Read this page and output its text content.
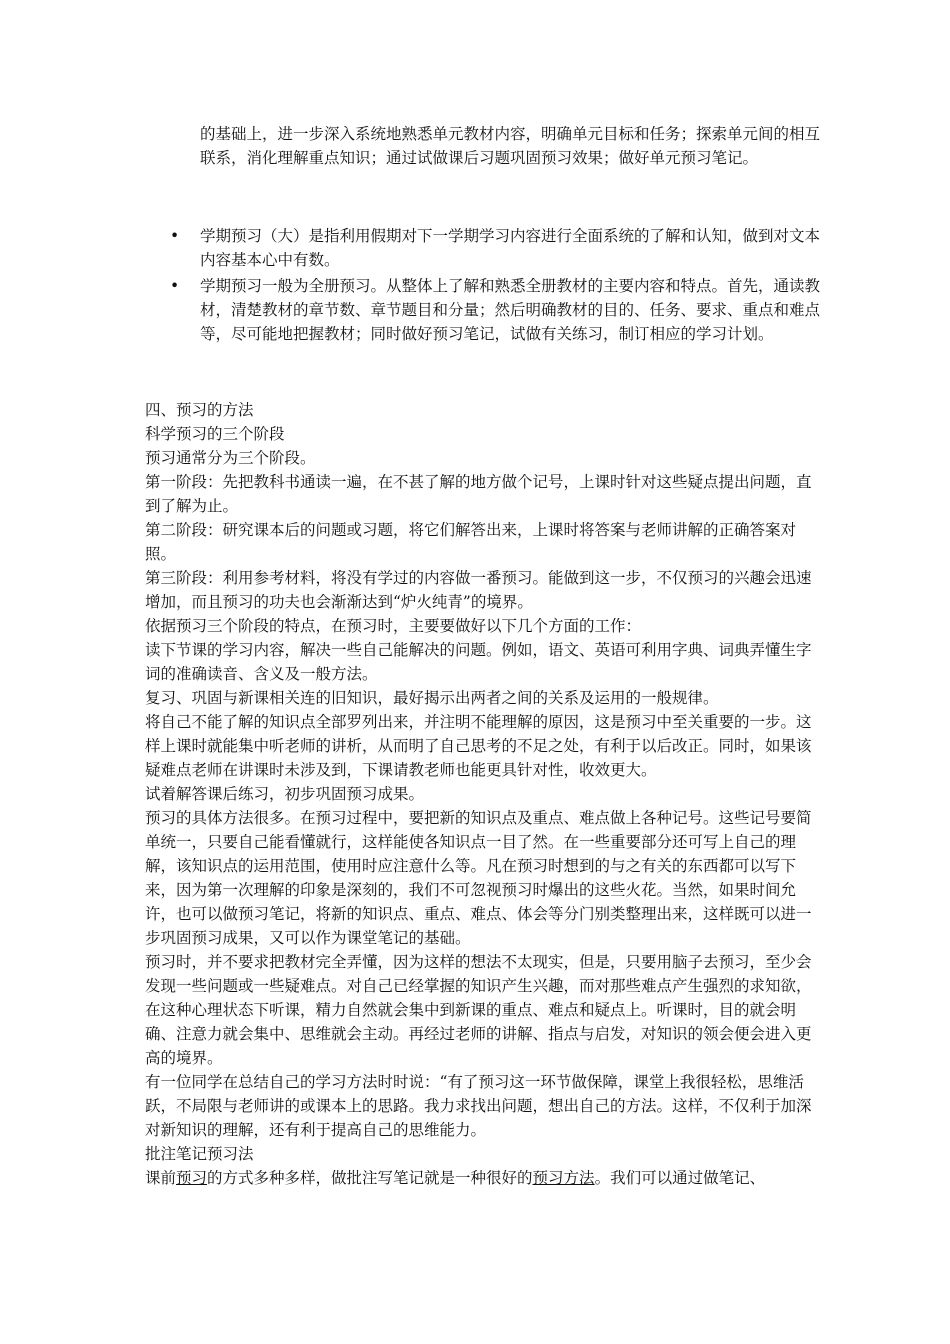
的基础上，进一步深入系统地熟悉单元教材内容，明确单元目标和任务；探索单元间的相互联系，消化理解重点知识；通过试做课后习题巩固预习效果；做好单元预习笔记。
•	学期预习（大）是指利用假期对下一学期学习内容进行全面系统的了解和认知，做到对文本内容基本心中有数。
•	学期预习一般为全册预习。从整体上了解和熟悉全册教材的主要内容和特点。首先，通读教材，清楚教材的章节数、章节题目和分量；然后明确教材的目的、任务、要求、重点和难点等，尽可能地把握教材；同时做好预习笔记，试做有关练习，制订相应的学习计划。

四、预习的方法

科学预习的三个阶段

预习通常分为三个阶段。

第一阶段：先把教科书通读一遍，在不甚了解的地方做个记号，上课时针对这些疑点提出问题，直到了解为止。

第二阶段：研究课本后的问题或习题，将它们解答出来，上课时将答案与老师讲解的正确答案对照。

第三阶段：利用参考材料，将没有学过的内容做一番预习。能做到这一步，不仅预习的兴趣会迅速增加，而且预习的功夫也会渐渐达到“炉火纯青”的境界。

依据预习三个阶段的特点，在预习时，主要要做好以下几个方面的工作：

读下节课的学习内容，解决一些自己能解决的问题。例如，语文、英语可利用字典、词典弄懂生字词的准确读音、含义及一般方法。

复习、巩固与新课相关连的旧知识，最好揭示出两者之间的关系及运用的一般规律。

将自己不能了解的知识点全部罗列出来，并注明不能理解的原因，这是预习中至关重要的一步。这样上课时就能集中听老师的讲析，从而明了自己思考的不足之处，有利于以后改正。同时，如果该疑难点老师在讲课时未涉及到，下课请教老师也能更具针对性，收效更大。

试着解答课后练习，初步巩固预习成果。

预习的具体方法很多。在预习过程中，要把新的知识点及重点、难点做上各种记号。这些记号要简单统一，只要自己能看懂就行，这样能使各知识点一目了然。在一些重要部分还可写上自己的理解，该知识点的运用范围，使用时应注意什么等。凡在预习时想到的与之有关的东西都可以写下来，因为第一次理解的印象是深刻的，我们不可忽视预习时爆出的这些火花。当然，如果时间允许，也可以做预习笔记，将新的知识点、重点、难点、体会等分门别类整理出来，这样既可以进一步巩固预习成果，又可以作为课堂笔记的基础。

预习时，并不要求把教材完全弄懂，因为这样的想法不太现实，但是，只要用脑子去预习，至少会发现一些问题或一些疑难点。对自己已经掌握的知识产生兴趣，而对那些难点产生强烈的求知欲，在这种心理状态下听课，精力自然就会集中到新课的重点、难点和疑点上。听课时，目的就会明确、注意力就会集中、思维就会主动。再经过老师的讲解、指点与启发，对知识的领会便会进入更高的境界。

有一位同学在总结自己的学习方法时时说：“有了预习这一环节做保障，课堂上我很轻松，思维活跃，不局限与老师讲的或课本上的思路。我力求找出问题，想出自己的方法。这样，不仅利于加深对新知识的理解，还有利于提高自己的思维能力。

批注笔记预习法

课前预习的方式多种多样，做批注写笔记就是一种很好的预习方法。我们可以通过做笔记、
